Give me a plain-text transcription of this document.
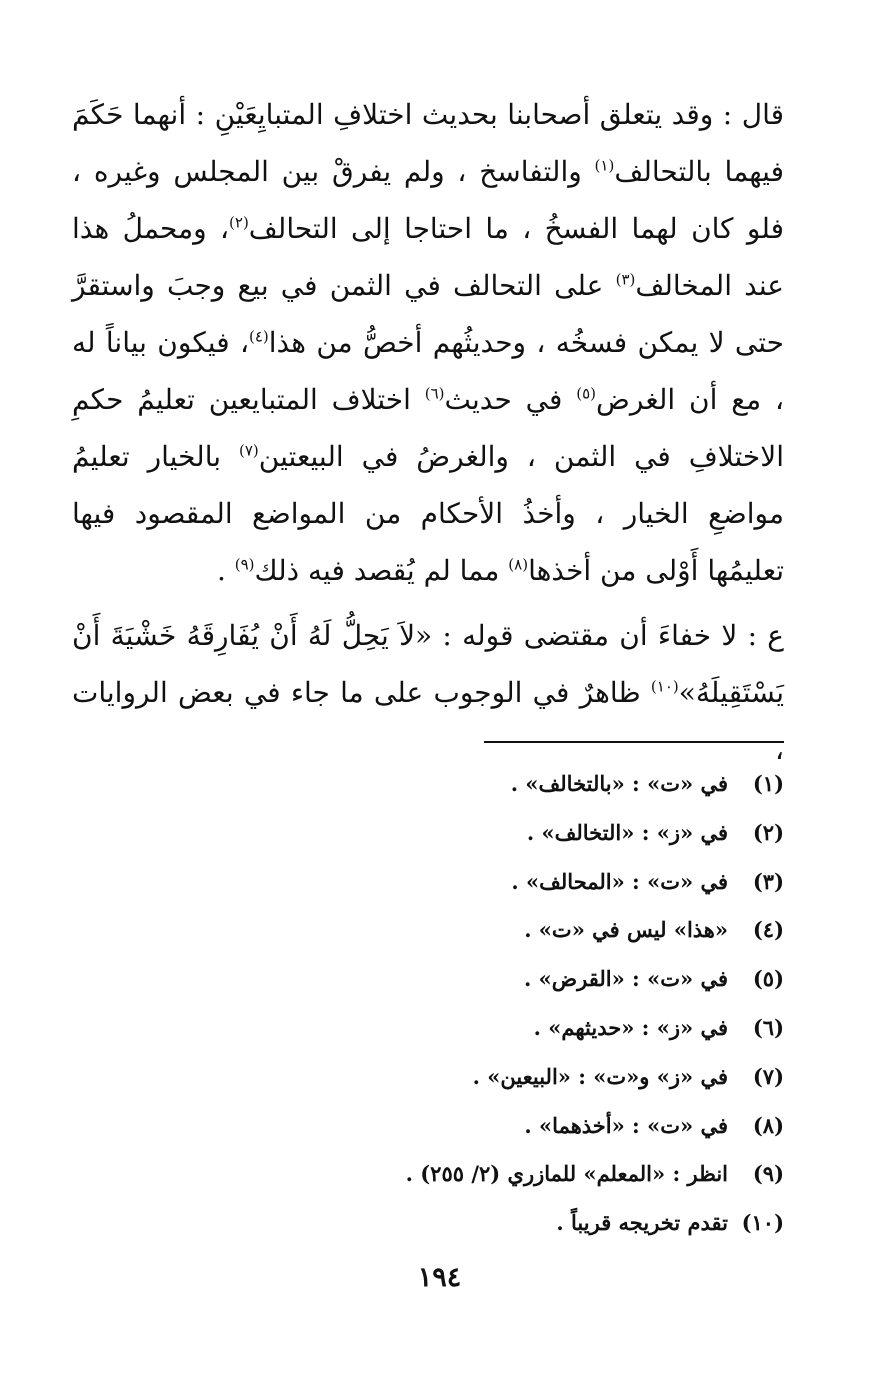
قال : وقد يتعلق أصحابنا بحديث اختلافِ المتبايِعَيْنِ : أنهما حَكَمَ فيهما بالتحالف$^{(١)}$ والتفاسخ ، ولم يفرقْ بين المجلس وغيره ، فلو كان لهما الفسخُ ، ما احتاجا إلى التحالف$^{(٢)}$، ومحملُ هذا عند المخالف$^{(٣)}$ على التحالف في الثمن في بيع وجبَ واستقرَّ حتى لا يمكن فسخُه ، وحديثُهم أخصُّ من هذا$^{(٤)}$، فيكون بياناً له ، مع أن الغرض$^{(٥)}$ في حديث$^{(٦)}$ اختلاف المتبايعين تعليمُ حكمِ الاختلافِ في الثمن ، والغرضُ في البيعتين$^{(٧)}$ بالخيار تعليمُ مواضعِ الخيار ، وأخذُ الأحكام من المواضع المقصود فيها تعليمُها أَوْلى من أخذها$^{(٨)}$ مما لم يُقصد فيه ذلك$^{(٩)}$ .

ع : لا خفاءَ أن مقتضى قوله : «لاَ يَحِلُّ لَهُ أَنْ يُفَارِقَهُ خَشْيَةَ أَنْ يَسْتَقِيلَهُ»$^{(١٠)}$ ظاهرٌ في الوجوب على ما جاء في بعض الروايات ،

(١)في «ت» : «بالتخالف» .
(٢)في «ز» : «التخالف» .
(٣)في «ت» : «المحالف» .
(٤)«هذا» ليس في «ت» .
(٥)في «ت» : «القرض» .
(٦)في «ز» : «حديثهم» .
(٧)في «ز» و«ت» : «البيعين» .
(٨)في «ت» : «أخذهما» .
(٩)انظر : «المعلم» للمازري (٢/ ٢٥٥) .
(١٠)تقدم تخريجه قريباً .
١٩٤
